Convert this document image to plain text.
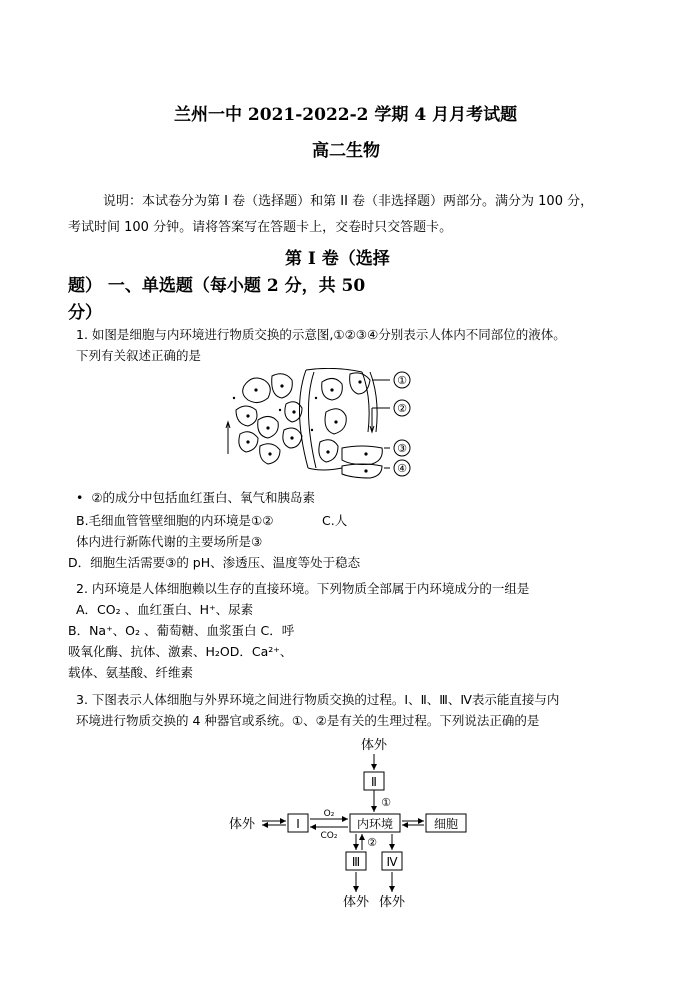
兰州一中 2021-2022-2 学期 4 月月考试题
高二生物
说明：本试卷分为第 I 卷（选择题）和第 II 卷（非选择题）两部分。满分为 100 分，
考试时间 100 分钟。请将答案写在答题卡上，交卷时只交答题卡。
第 I 卷（选择
题） 一、单选题（每小题 2 分，共 50
分）
1. 如图是细胞与内环境进行物质交换的示意图,①②③④分别表示人体内不同部位的液体。
下列有关叙述正确的是
①
②
③
④
•  ②的成分中包括血红蛋白、氧气和胰岛素
B.毛细血管管壁细胞的内环境是①②	C.人
体内进行新陈代谢的主要场所是③
D．细胞生活需要③的 pH、渗透压、温度等处于稳态
2. 内环境是人体细胞赖以生存的直接环境。下列物质全部属于内环境成分的一组是
A．CO₂ 、血红蛋白、H⁺、尿素
B．Na⁺、O₂ 、葡萄糖、血浆蛋白 C．呼
吸氧化酶、抗体、激素、H₂OD．Ca²⁺、
载体、氨基酸、纤维素
3. 下图表示人体细胞与外界环境之间进行物质交换的过程。Ⅰ、Ⅱ、Ⅲ、Ⅳ表示能直接与内
环境进行物质交换的 4 种器官或系统。①、②是有关的生理过程。下列说法正确的是
体外
Ⅱ
①
体外	Ⅰ
O₂
CO₂
内环境	细胞
②
Ⅲ Ⅳ
体外 体外
